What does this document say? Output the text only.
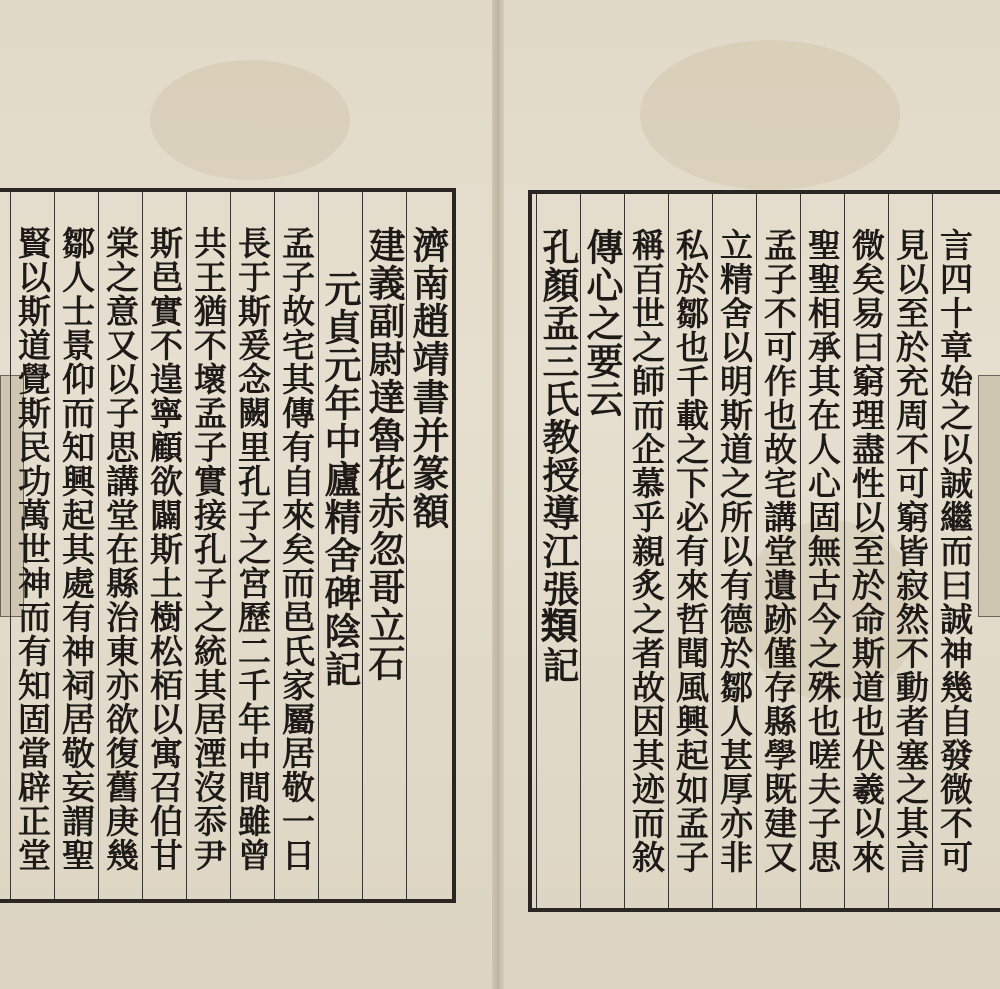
濟南趙靖書并篆額
建義副尉達魯花赤忽哥立石
元貞元年中廬精舍碑陰記
孟子故宅其傳有自來矣而邑氏家屬居敬一日
長于斯爰念闕里孔子之宮歷二千年中間雖曾
共王猶不壞孟子實接孔子之統其居湮沒忝尹
斯邑實不遑寧顧欲闢斯土樹松栢以寓召伯甘
棠之意又以子思講堂在縣治東亦欲復舊庚幾
鄒人士景仰而知興起其處有神祠居敬妄謂聖
賢以斯道覺斯民功萬世神而有知固當辟正堂	言四十章始之以誠繼而曰誠神幾自發微不可
見以至於充周不可窮皆寂然不動者塞之其言
微矣易曰窮理盡性以至於命斯道也伏羲以來
聖聖相承其在人心固無古今之殊也嗟夫子思
孟子不可作也故宅講堂遺跡僅存縣學既建又
立精舍以明斯道之所以有德於鄒人甚厚亦非
私於鄒也千載之下必有來哲聞風興起如孟子
稱百世之師而企慕乎親炙之者故因其迹而敘
傳心之要云
孔顏孟三氏教授導江張𩔖記
